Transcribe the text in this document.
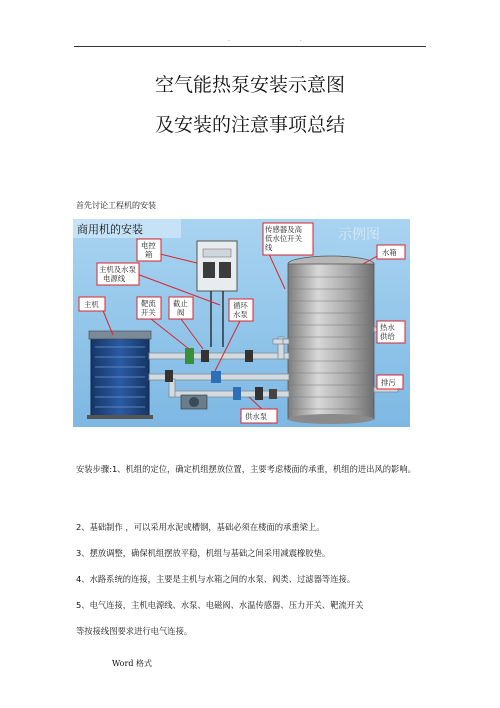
. .
空气能热泵安装示意图
及安装的注意事项总结
首先讨论工程机的安装
商用机的安装	示例图
电控
箱
主机及水泵
电源线
传感器及高
低水位开关
线
水箱
主机	靶流
开关
截止
阀
循环
水泵
热水
供给
排污
供水泵
安装步骤:1、机组的定位，确定机组摆放位置，主要考虑楼面的承重，机组的进出风的影响。
2、基础制作 ，可以采用水泥或槽钢，基础必须在楼面的承重梁上。
3、摆放调整，确保机组摆放平稳，机组与基础之间采用减震橡胶垫。
4、水路系统的连接，主要是主机与水箱之间的水泵、阀类、过滤器等连接。
5、电气连接，主机电源线、水泵、电磁阀、水温传感器、压力开关、靶流开关
等按接线图要求进行电气连接。
Word 格式
